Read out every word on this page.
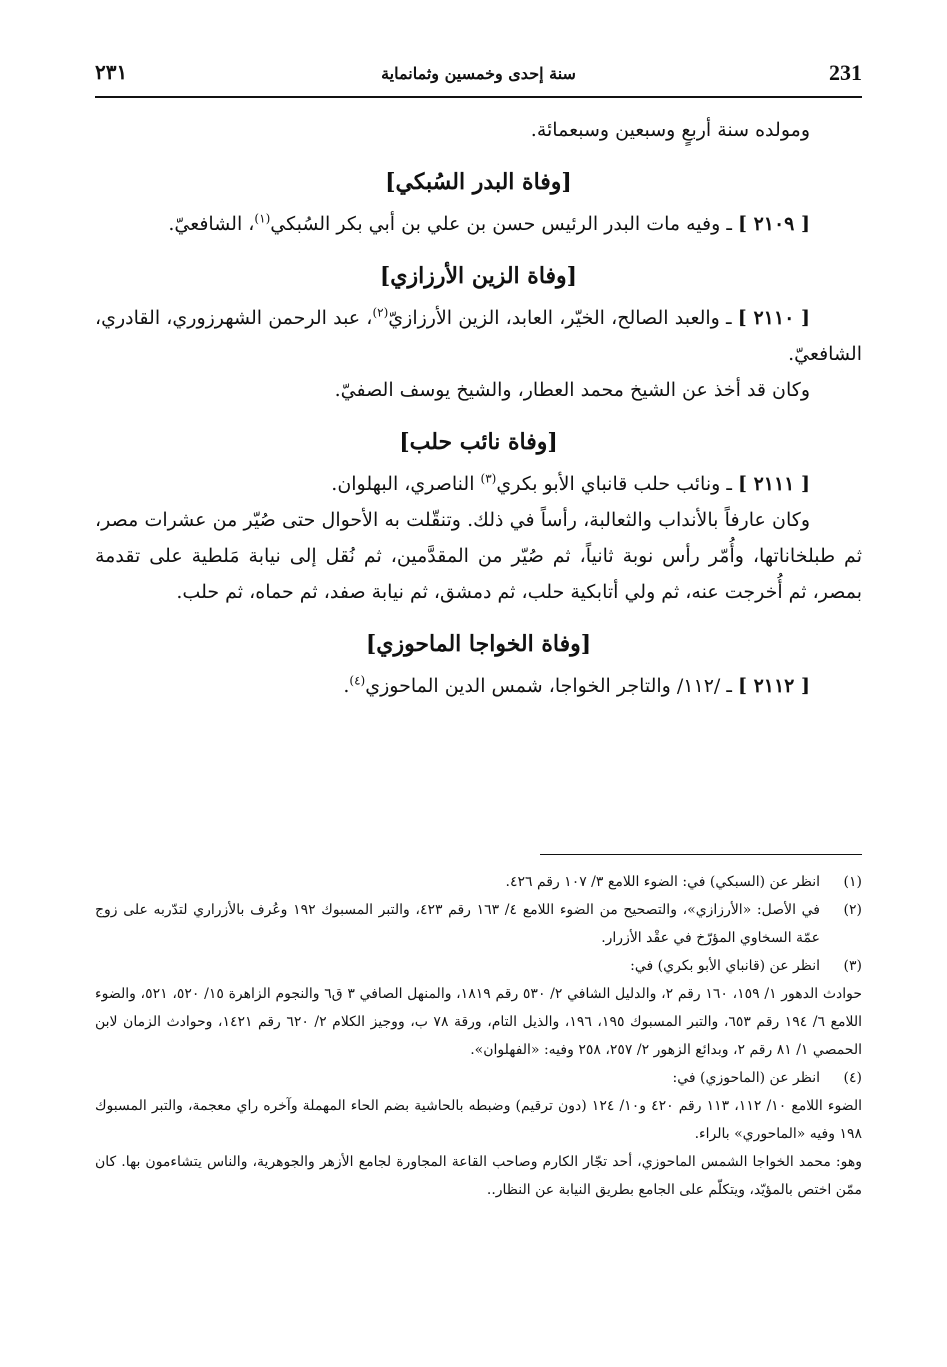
٢٣١	سنة إحدى وخمسين وثمانماية	231

ومولده سنة أربعٍ وسبعين وسبعمائة.

[وفاة البدر السُبكي]

[ ٢١٠٩ ] ـ وفيه مات البدر الرئيس حسن بن علي بن أبي بكر السُبكي$^{(١)}$، الشافعيّ.

[وفاة الزين الأرزازي]

[ ٢١١٠ ] ـ والعبد الصالح، الخيّر، العابد، الزين الأرزازيّ$^{(٢)}$، عبد الرحمن الشهرزوري، القادري، الشافعيّ.

وكان قد أخذ عن الشيخ محمد العطار، والشيخ يوسف الصفيّ.

[وفاة نائب حلب]

[ ٢١١١ ] ـ ونائب حلب قانباي الأبو بكري$^{(٣)}$ الناصري، البهلوان.

وكان عارفاً بالأنداب والثعالبة، رأساً في ذلك. وتنقّلت به الأحوال حتى صُيّر من عشرات مصر، ثم طبلخاناتها، وأُمّر رأس نوبة ثانياً، ثم صُيّر من المقدَّمين، ثم نُقل إلى نيابة مَلطية على تقدمة بمصر، ثم أُخرجت عنه، ثم ولي أتابكية حلب، ثم دمشق، ثم نيابة صفد، ثم حماه، ثم حلب.

[وفاة الخواجا الماحوزي]

[ ٢١١٢ ] ـ /١١٢/ والتاجر الخواجا، شمس الدين الماحوزي$^{(٤)}$.

(١)

انظر عن (السبكي) في: الضوء اللامع ٣/ ١٠٧ رقم ٤٢٦.

(٢)

في الأصل: «الأرزازي»، والتصحيح من الضوء اللامع ٤/ ١٦٣ رقم ٤٢٣، والتبر المسبوك ١٩٢ وعُرف بالأزراري لتدّربه على زوج عمّة السخاوي المؤرّخ في عقْد الأزرار.

(٣)

انظر عن (قانباي الأبو بكري) في:

حوادث الدهور ١/ ١٥٩، ١٦٠ رقم ٢، والدليل الشافي ٢/ ٥٣٠ رقم ١٨١٩، والمنهل الصافي ٣ ق٦ والنجوم الزاهرة ١٥/ ٥٢٠، ٥٢١، والضوء اللامع ٦/ ١٩٤ رقم ٦٥٣، والتبر المسبوك ١٩٥، ١٩٦، والذيل التام، ورقة ٧٨ ب، ووجيز الكلام ٢/ ٦٢٠ رقم ١٤٢١، وحوادث الزمان لابن الحمصي ١/ ٨١ رقم ٢، وبدائع الزهور ٢/ ٢٥٧، ٢٥٨ وفيه: «الفهلوان».

(٤)

انظر عن (الماحوزي) في:

الضوء اللامع ١٠/ ١١٢، ١١٣ رقم ٤٢٠ و١٠/ ١٢٤ (دون ترقيم) وضبطه بالحاشية بضم الحاء المهملة وآخره راي معجمة، والتبر المسبوك ١٩٨ وفيه «الماحوري» بالراء.

وهو: محمد الخواجا الشمس الماحوزي، أحد تجّار الكارم وصاحب القاعة المجاورة لجامع الأزهر والجوهرية، والناس يتشاءمون بها. كان ممّن اختص بالمؤيّد، ويتكلّم على الجامع بطريق النيابة عن النظار..
